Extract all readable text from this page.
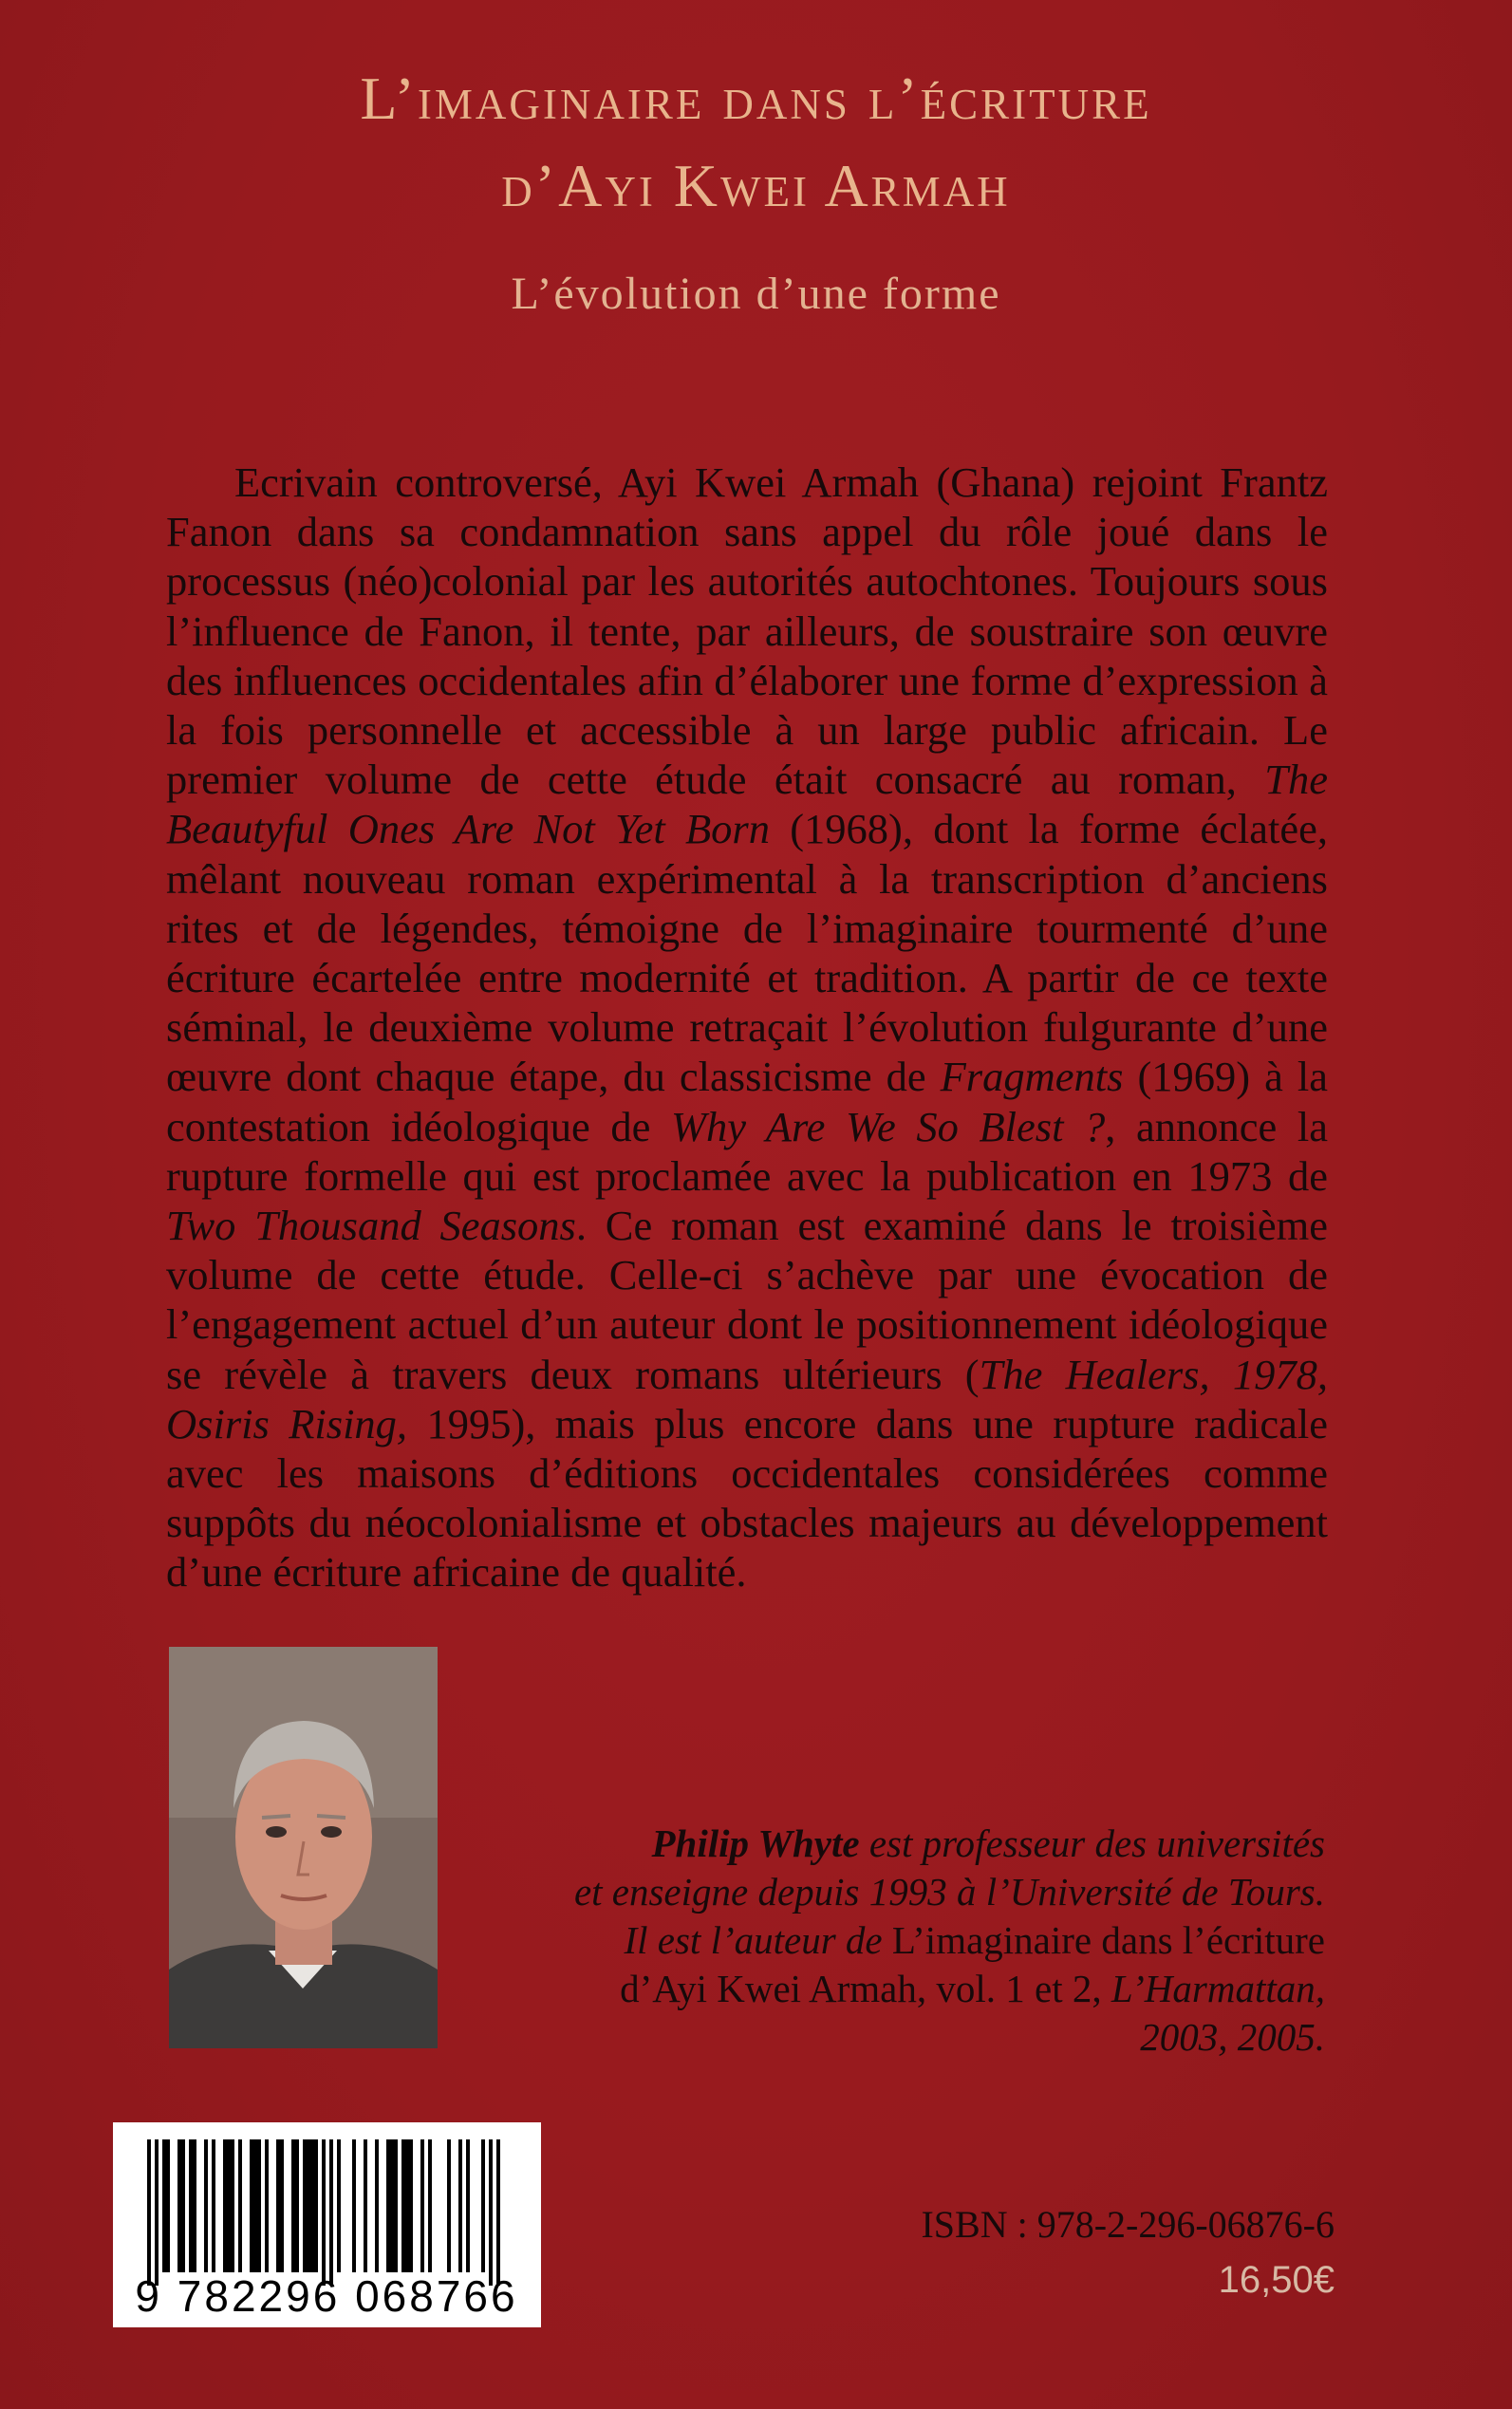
L’imaginaire dans l’écriture
d’Ayi Kwei Armah
L’évolution d’une forme
Ecrivain controversé, Ayi Kwei Armah (Ghana) rejoint Frantz Fanon dans sa condamnation sans appel du rôle joué dans le processus (néo)colonial par les autorités autochtones. Toujours sous l’influence de Fanon, il tente, par ailleurs, de soustraire son œuvre des influences occidentales afin d’élaborer une forme d’expression à la fois personnelle et accessible à un large public africain. Le premier volume de cette étude était consacré au roman, The Beautyful Ones Are Not Yet Born (1968), dont la forme éclatée, mêlant nouveau roman expérimental à la transcription d’anciens rites et de légendes, témoigne de l’imaginaire tourmenté d’une écriture écartelée entre modernité et tradition. A partir de ce texte séminal, le deuxième volume retraçait l’évolution fulgurante d’une œuvre dont chaque étape, du classicisme de Fragments (1969) à la contestation idéologique de Why Are We So Blest ?, annonce la rupture formelle qui est proclamée avec la publication en 1973 de Two Thousand Seasons. Ce roman est examiné dans le troisième volume de cette étude. Celle-ci s’achève par une évocation de l’engagement actuel d’un auteur dont le positionnement idéologique se révèle à travers deux romans ultérieurs (The Healers, 1978, Osiris Rising, 1995), mais plus encore dans une rupture radicale avec les maisons d’éditions occidentales considérées comme suppôts du néocolonialisme et obstacles majeurs au développement d’une écriture africaine de qualité.
Philip Whyte est professeur des universités
et enseigne depuis 1993 à l’Université de Tours.
Il est l’auteur de L’imaginaire dans l’écriture
d’Ayi Kwei Armah, vol. 1 et 2, L’Harmattan,
2003, 2005.
9 782296 068766
ISBN : 978-2-296-06876-6
16,50€
